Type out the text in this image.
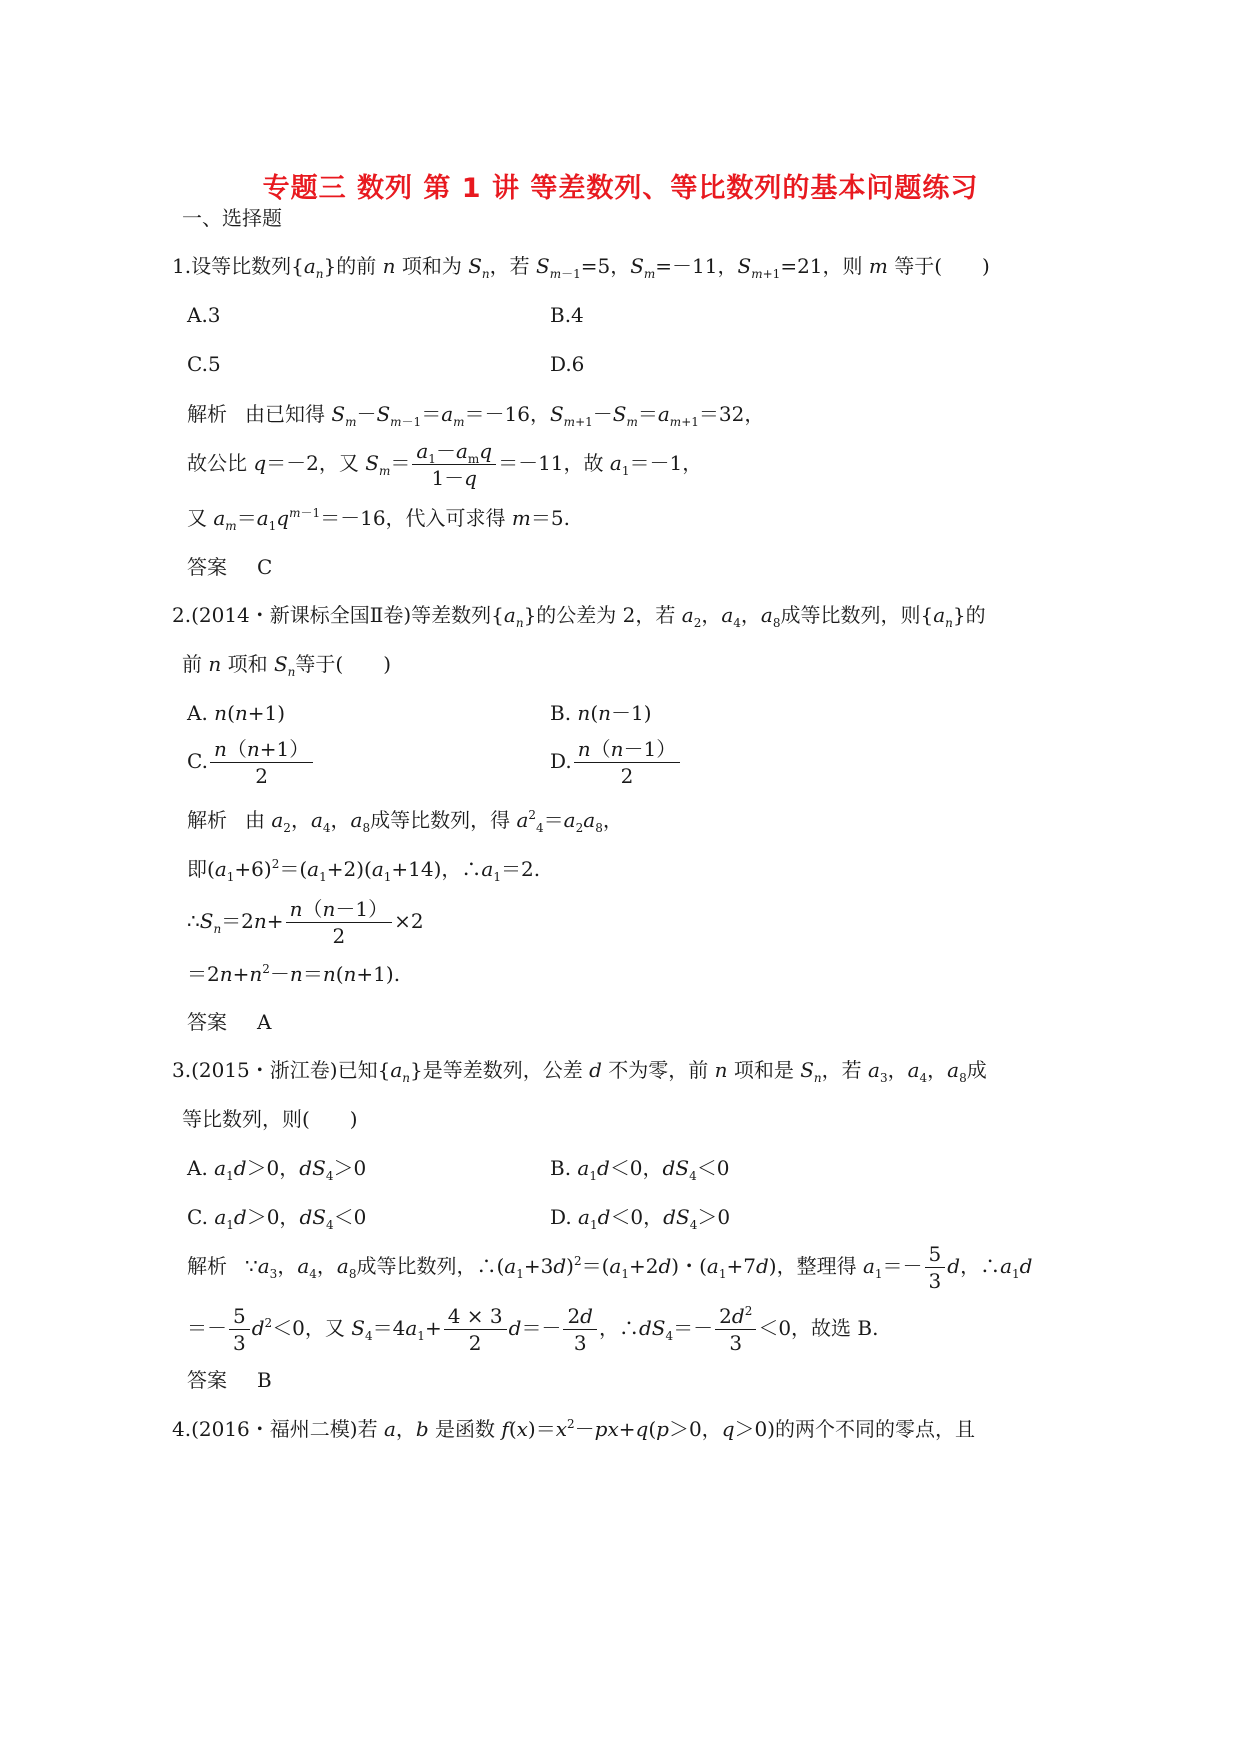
专题三 数列 第 1 讲 等差数列、等比数列的基本问题练习
一、选择题
1.设等比数列$\{a_n\}$的前 n 项和为 $S_n$，若 $S_{m-1}=5$，$S_m=-11$，$S_{m+1}=21$，则 m 等于(　　)
A.3	B.4
C.5	D.6
解析 由已知得 $S_m-S_{m-1}=a_m=-16$，$S_{m+1}-S_m=a_{m+1}=32$，
故公比 q＝－2，又 $S_m= \frac{a_1-a_mq}{1-q} =-11$，故 $a_1=-1$，
又 $a_m=a_1q^{m-1}=-16$，代入可求得 m＝5.
答案 C
2.(2014・新课标全国Ⅱ卷)等差数列$\{a_n\}$的公差为 2，若 $a_2$，$a_4$，$a_8$成等比数列，则$\{a_n\}$的
前 n 项和 $S_n$等于(　　)
A. n(n+1)	B. n(n－1)
C. $\frac{n(n+1)}{2}$	D. $\frac{n(n-1)}{2}$
解析 由 $a_2$，$a_4$，$a_8$成等比数列，得 $a^2_4=a_2a_8$，
即$(a_1+6)^2=(a_1+2)(a_1+14)$，$\therefore a_1=2$.
$\therefore S_n=2n+ \frac{n(n-1)}{2} \times 2$
$=2n+n^2-n=n(n+1)$.
答案 A
3.(2015・浙江卷)已知$\{a_n\}$是等差数列，公差 d 不为零，前 n 项和是 $S_n$，若 $a_3$，$a_4$，$a_8$成
等比数列，则(　　)
A. $a_1d>0$，$dS_4>0$	B. $a_1d<0$，$dS_4<0$
C. $a_1d>0$，$dS_4<0$	D. $a_1d<0$，$dS_4>0$
解析 $\because a_3$，$a_4$，$a_8$成等比数列，$\therefore(a_1+3d)^2=(a_1+2d)$・$(a_1+7d)$，整理得 $a_1=- \frac{5}{3}$ d，$\therefore a_1d$
＝－ $\frac{5}{3} d^2<0$，又 $S_4=4a_1+ \frac{4 \times 3}{2} d=- \frac{2d}{3}$ ，$\therefore dS_4=- \frac{2d^2}{3} <0$，故选 B.
答案 B
4.(2016・福州二模)若 a，b 是函数 $f(x)=x^2-px+q(p>0$，q＞0)的两个不同的零点，且
